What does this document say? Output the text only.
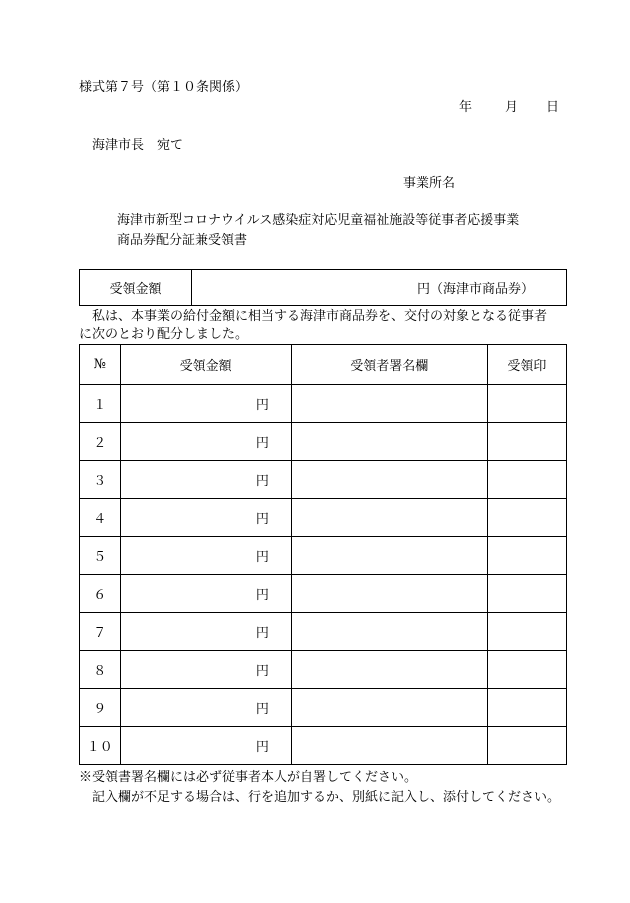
様式第７号（第１０条関係）
年	月 日
海津市長　宛て
事業所名
海津市新型コロナウイルス感染症対応児童福祉施設等従事者応援事業
商品券配分証兼受領書
受領金額	円（海津市商品券）
私は、本事業の給付金額に相当する海津市商品券を、交付の対象となる従事者
に次のとおり配分しました。
№	受領金額	受領者署名欄	受領印
１	円		
２	円		
３	円		
４	円		
５	円		
６	円		
７	円		
８	円		
９	円		
１０	円		
※受領書署名欄には必ず従事者本人が自署してください。
記入欄が不足する場合は、行を追加するか、別紙に記入し、添付してください。
